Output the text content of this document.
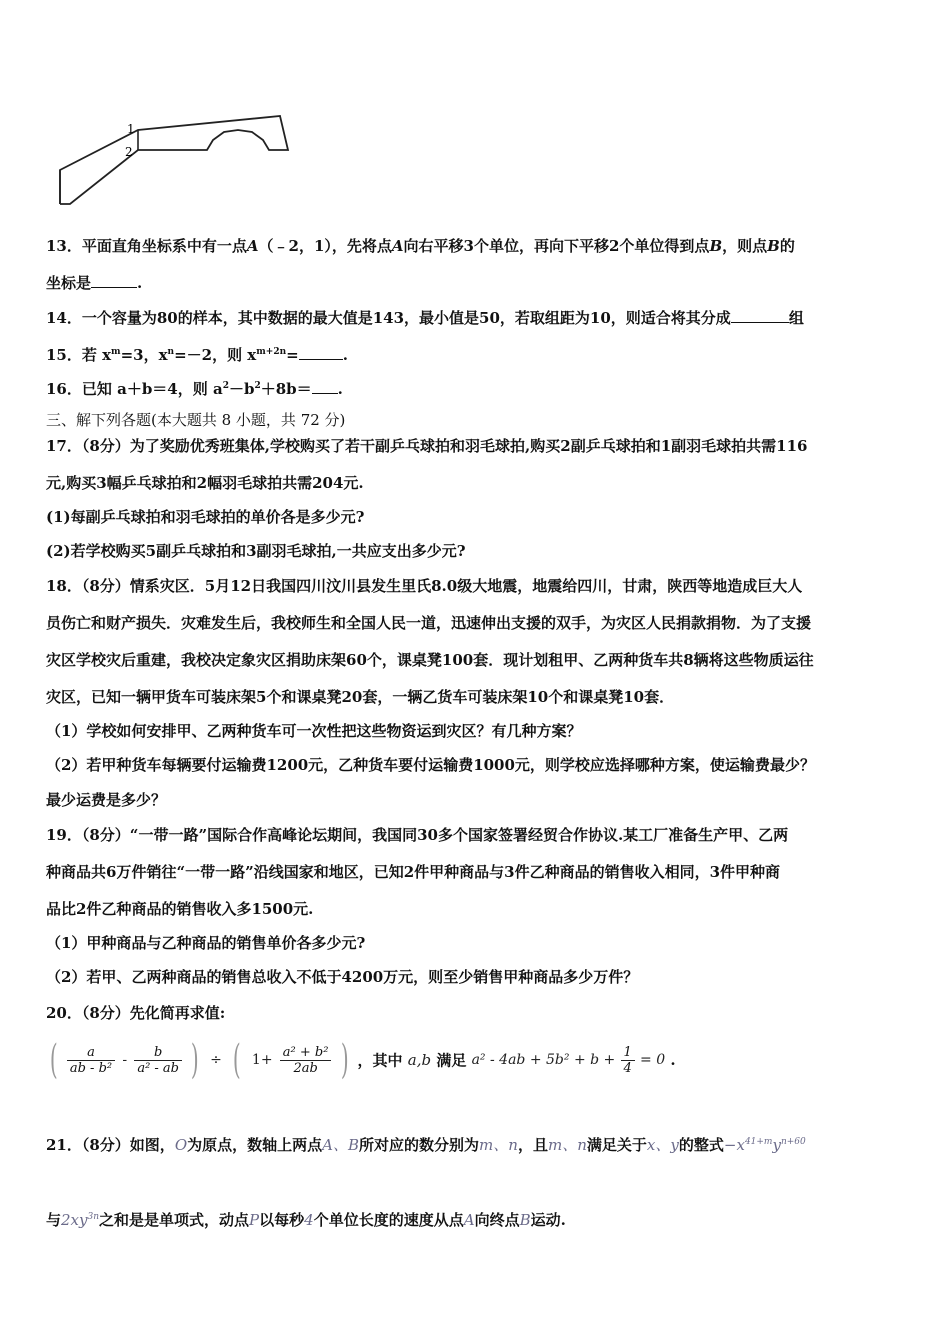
1
2
13．平面直角坐标系中有一点A（﹣2，1），先将点A向右平移3个单位，再向下平移2个单位得到点B，则点B的
坐标是	.
14．一个容量为80的样本，其中数据的最大值是143，最小值是50，若取组距为10，则适合将其分成	组
15．若 $x^m=3$，$x^n=-2$，则 $x^{m+2n}=$	.
16．已知 a＋b＝4，则 $a^2-b^2+8b=$ .
三、解下列各题(本大题共 8 小题，共 72 分)
17．（8分）为了奖励优秀班集体,学校购买了若干副乒乓球拍和羽毛球拍,购买2副乒乓球拍和1副羽毛球拍共需116
元,购买3幅乒乓球拍和2幅羽毛球拍共需204元.
(1)每副乒乓球拍和羽毛球拍的单价各是多少元?
(2)若学校购买5副乒乓球拍和3副羽毛球拍,一共应支出多少元?
18．（8分）情系灾区．5月12日我国四川汶川县发生里氏8.0级大地震，地震给四川，甘肃，陕西等地造成巨大人
员伤亡和财产损失．灾难发生后，我校师生和全国人民一道，迅速伸出支援的双手，为灾区人民捐款捐物．为了支援
灾区学校灾后重建，我校决定象灾区捐助床架60个，课桌凳100套．现计划租甲、乙两种货车共8辆将这些物质运往
灾区，已知一辆甲货车可装床架5个和课桌凳20套，一辆乙货车可装床架10个和课桌凳10套．
（1）学校如何安排甲、乙两种货车可一次性把这些物资运到灾区？有几种方案？
（2）若甲种货车每辆要付运输费1200元，乙种货车要付运输费1000元，则学校应选择哪种方案，使运输费最少？
最少运费是多少？
19．（8分）“一带一路”国际合作高峰论坛期间，我国同30多个国家签署经贸合作协议.某工厂准备生产甲、乙两
种商品共6万件销往“一带一路”沿线国家和地区，已知2件甲种商品与3件乙种商品的销售收入相同，3件甲种商
品比2件乙种商品的销售收入多1500元.
（1）甲种商品与乙种商品的销售单价各多少元?
（2）若甲、乙两种商品的销售总收入不低于4200万元，则至少销售甲种商品多少万件？
20．（8分）先化简再求值:
( $\frac{a}{\text{ab - b²}} - \frac{b}{\text{a² - ab}}$ ) ÷ ( $1+ \frac{\text{a² + b²}}{2ab}$ ) ，其中 a,b 满足 $a^2 - 4ab + 5b^2 + b + \frac{1}{4} = 0$ .
21．（8分）如图，O为原点，数轴上两点A、B所对应的数分别为m、n，且m、n满足关于x、y的整式$-x^{41+m}y^{n+60}$
与$2xy^{3n}$之和是是单项式，动点P以每秒4个单位长度的速度从点A向终点B运动.
